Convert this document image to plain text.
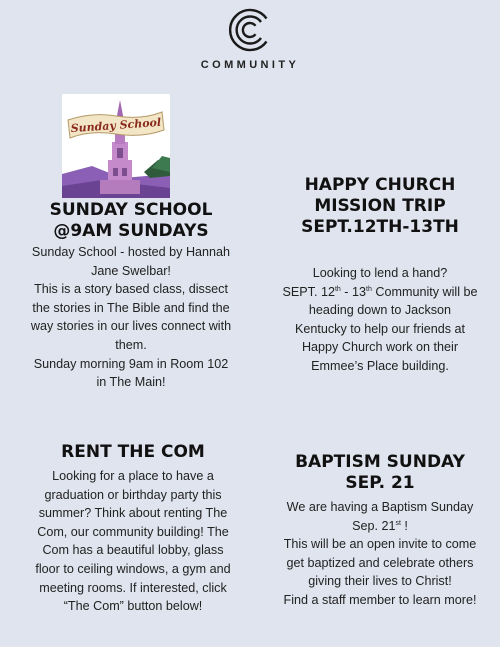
COMMUNITY
Sunday School
SUNDAY SCHOOL
@9AM SUNDAYS
Sunday School - hosted by Hannah
Jane Swelbar!
This is a story based class, dissect
the stories in The Bible and find the
way stories in our lives connect with
them.
Sunday morning 9am in Room 102
in The Main!
HAPPY CHURCH
MISSION TRIP
SEPT.12TH-13TH
Looking to lend a hand?
SEPT. 12th - 13th Community will be
heading down to Jackson
Kentucky to help our friends at
Happy Church work on their
Emmee’s Place building.
RENT THE COM
Looking for a place to have a
graduation or birthday party this
summer? Think about renting The
Com, our community building! The
Com has a beautiful lobby, glass
floor to ceiling windows, a gym and
meeting rooms. If interested, click
“The Com” button below!
BAPTISM SUNDAY
SEP. 21
We are having a Baptism Sunday
Sep. 21st !
This will be an open invite to come
get baptized and celebrate others
giving their lives to Christ!
Find a staff member to learn more!
